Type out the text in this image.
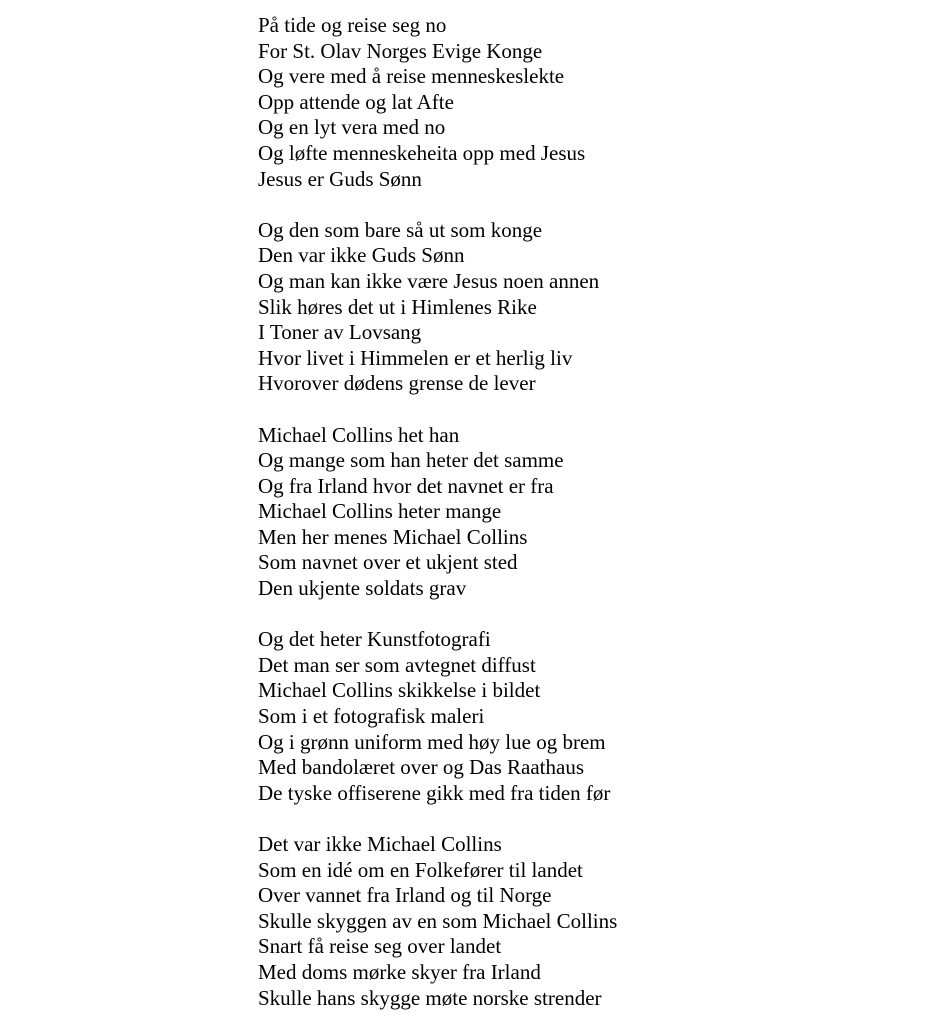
På tide og reise seg no
For St. Olav Norges Evige Konge
Og vere med å reise menneskeslekte
Opp attende og lat Afte
Og en lyt vera med no
Og løfte menneskeheita opp med Jesus
Jesus er Guds Sønn
Og den som bare så ut som konge
Den var ikke Guds Sønn
Og man kan ikke være Jesus noen annen
Slik høres det ut i Himlenes Rike
I Toner av Lovsang
Hvor livet i Himmelen er et herlig liv
Hvorover dødens grense de lever
Michael Collins het han
Og mange som han heter det samme
Og fra Irland hvor det navnet er fra
Michael Collins heter mange
Men her menes Michael Collins
Som navnet over et ukjent sted
Den ukjente soldats grav
Og det heter Kunstfotografi
Det man ser som avtegnet diffust
Michael Collins skikkelse i bildet
Som i et fotografisk maleri
Og i grønn uniform med høy lue og brem
Med bandolæret over og Das Raathaus
De tyske offiserene gikk med fra tiden før
Det var ikke Michael Collins
Som en idé om en Folkefører til landet
Over vannet fra Irland og til Norge
Skulle skyggen av en som Michael Collins
Snart få reise seg over landet
Med doms mørke skyer fra Irland
Skulle hans skygge møte norske strender
